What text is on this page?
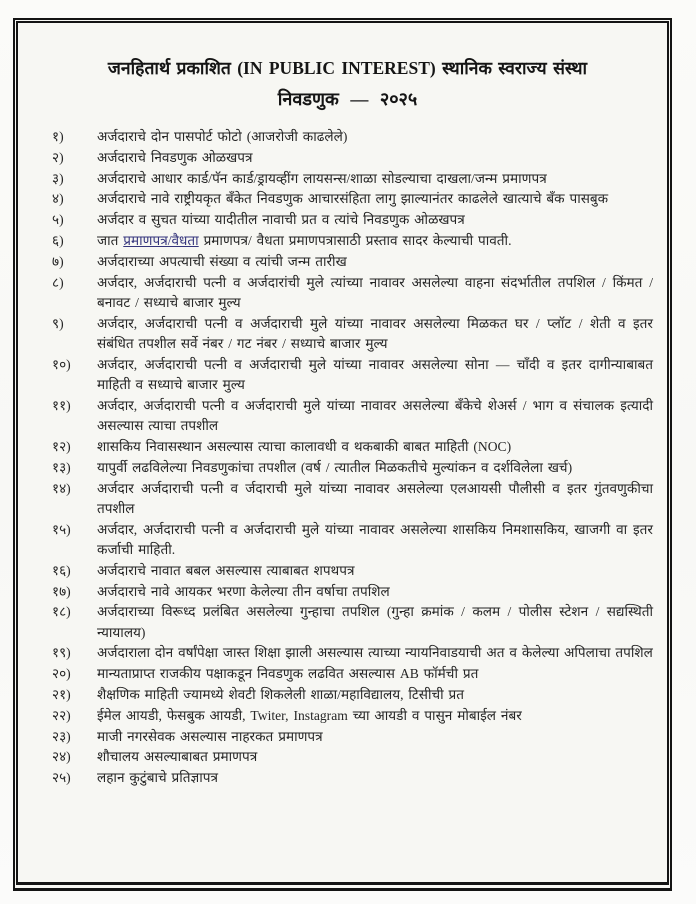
जनहितार्थ प्रकाशित (IN PUBLIC INTEREST) स्थानिक स्वराज्य संस्था
निवडणुक — २०२५
१)	अर्जदाराचे दोन पासपोर्ट फोटो (आजरोजी काढलेले)
२)	अर्जदाराचे निवडणुक ओळखपत्र
३)	अर्जदाराचे आधार कार्ड/पॅन कार्ड/ड्रायव्हींग लायसन्स/शाळा सोडल्याचा दाखला/जन्म प्रमाणपत्र
४)	अर्जदाराचे नावे राष्ट्रीयकृत बँकेत निवडणुक आचारसंहिता लागु झाल्यानंतर काढलेले खात्याचे बँक पासबुक
५)	अर्जदार व सुचत यांच्या यादीतील नावाची प्रत व त्यांचे निवडणुक ओळखपत्र
६)	जात प्रमाणपत्र/वैधता प्रमाणपत्र/ वैधता प्रमाणपत्रासाठी प्रस्ताव सादर केल्याची पावती.
७)	अर्जदाराच्या अपत्याची संख्या व त्यांची जन्म तारीख
८)	अर्जदार, अर्जदाराची पत्नी व अर्जदारांची मुले त्यांच्या नावावर असलेल्या वाहना संदर्भातील तपशिल / किंमत / बनावट / सध्याचे बाजार मुल्य
९)	अर्जदार, अर्जदाराची पत्नी व अर्जदाराची मुले यांच्या नावावर असलेल्या मिळकत घर / प्लॉट / शेती व इतर संबंधित तपशील सर्वे नंबर / गट नंबर / सध्याचे बाजार मुल्य
१०)	अर्जदार, अर्जदाराची पत्नी व अर्जदाराची मुले यांच्या नावावर असलेल्या सोना — चाँदी व इतर दागीन्याबाबत माहिती व सध्याचे बाजार मुल्य
११)	अर्जदार, अर्जदाराची पत्नी व अर्जदाराची मुले यांच्या नावावर असलेल्या बँकेचे शेअर्स / भाग व संचालक इत्यादी असल्यास त्याचा तपशील
१२)	शासकिय निवासस्थान असल्यास त्याचा कालावधी व थकबाकी बाबत माहिती (NOC)
१३)	यापुर्वी लढविलेल्या निवडणुकांचा तपशील (वर्ष / त्यातील मिळकतीचे मुल्यांकन व दर्शविलेला खर्च)
१४)	अर्जदार अर्जदाराची पत्नी व र्जदाराची मुले यांच्या नावावर असलेल्या एलआयसी पौलीसी व इतर गुंतवणुकीचा तपशील
१५)	अर्जदार, अर्जदाराची पत्नी व अर्जदाराची मुले यांच्या नावावर असलेल्या शासकिय निमशासकिय, खाजगी वा इतर कर्जाची माहिती.
१६)	अर्जदाराचे नावात बबल असल्यास त्याबाबत शपथपत्र
१७)	अर्जदाराचे नावे आयकर भरणा केलेल्या तीन वर्षाचा तपशिल
१८)	अर्जदाराच्या विरूध्द प्रलंबित असलेल्या गुन्हाचा तपशिल (गुन्हा क्रमांक / कलम / पोलीस स्टेशन / सद्यस्थिती न्यायालय)
१९)	अर्जदाराला दोन वर्षांपेक्षा जास्त शिक्षा झाली असल्यास त्याच्या न्यायनिवाडयाची अत व केलेल्या अपिलाचा तपशिल
२०)	मान्यताप्राप्त राजकीय पक्षाकडून निवडणुक लढवित असल्यास AB फॉर्मची प्रत
२१)	शैक्षणिक माहिती ज्यामध्ये शेवटी शिकलेली शाळा/महाविद्यालय, टिसीची प्रत
२२)	ईमेल आयडी, फेसबुक आयडी, Twiter, Instagram च्या आयडी व पासुन मोबाईल नंबर
२३)	माजी नगरसेवक असल्यास नाहरकत प्रमाणपत्र
२४)	शौचालय असल्याबाबत प्रमाणपत्र
२५)	लहान कुटुंबाचे प्रतिज्ञापत्र
